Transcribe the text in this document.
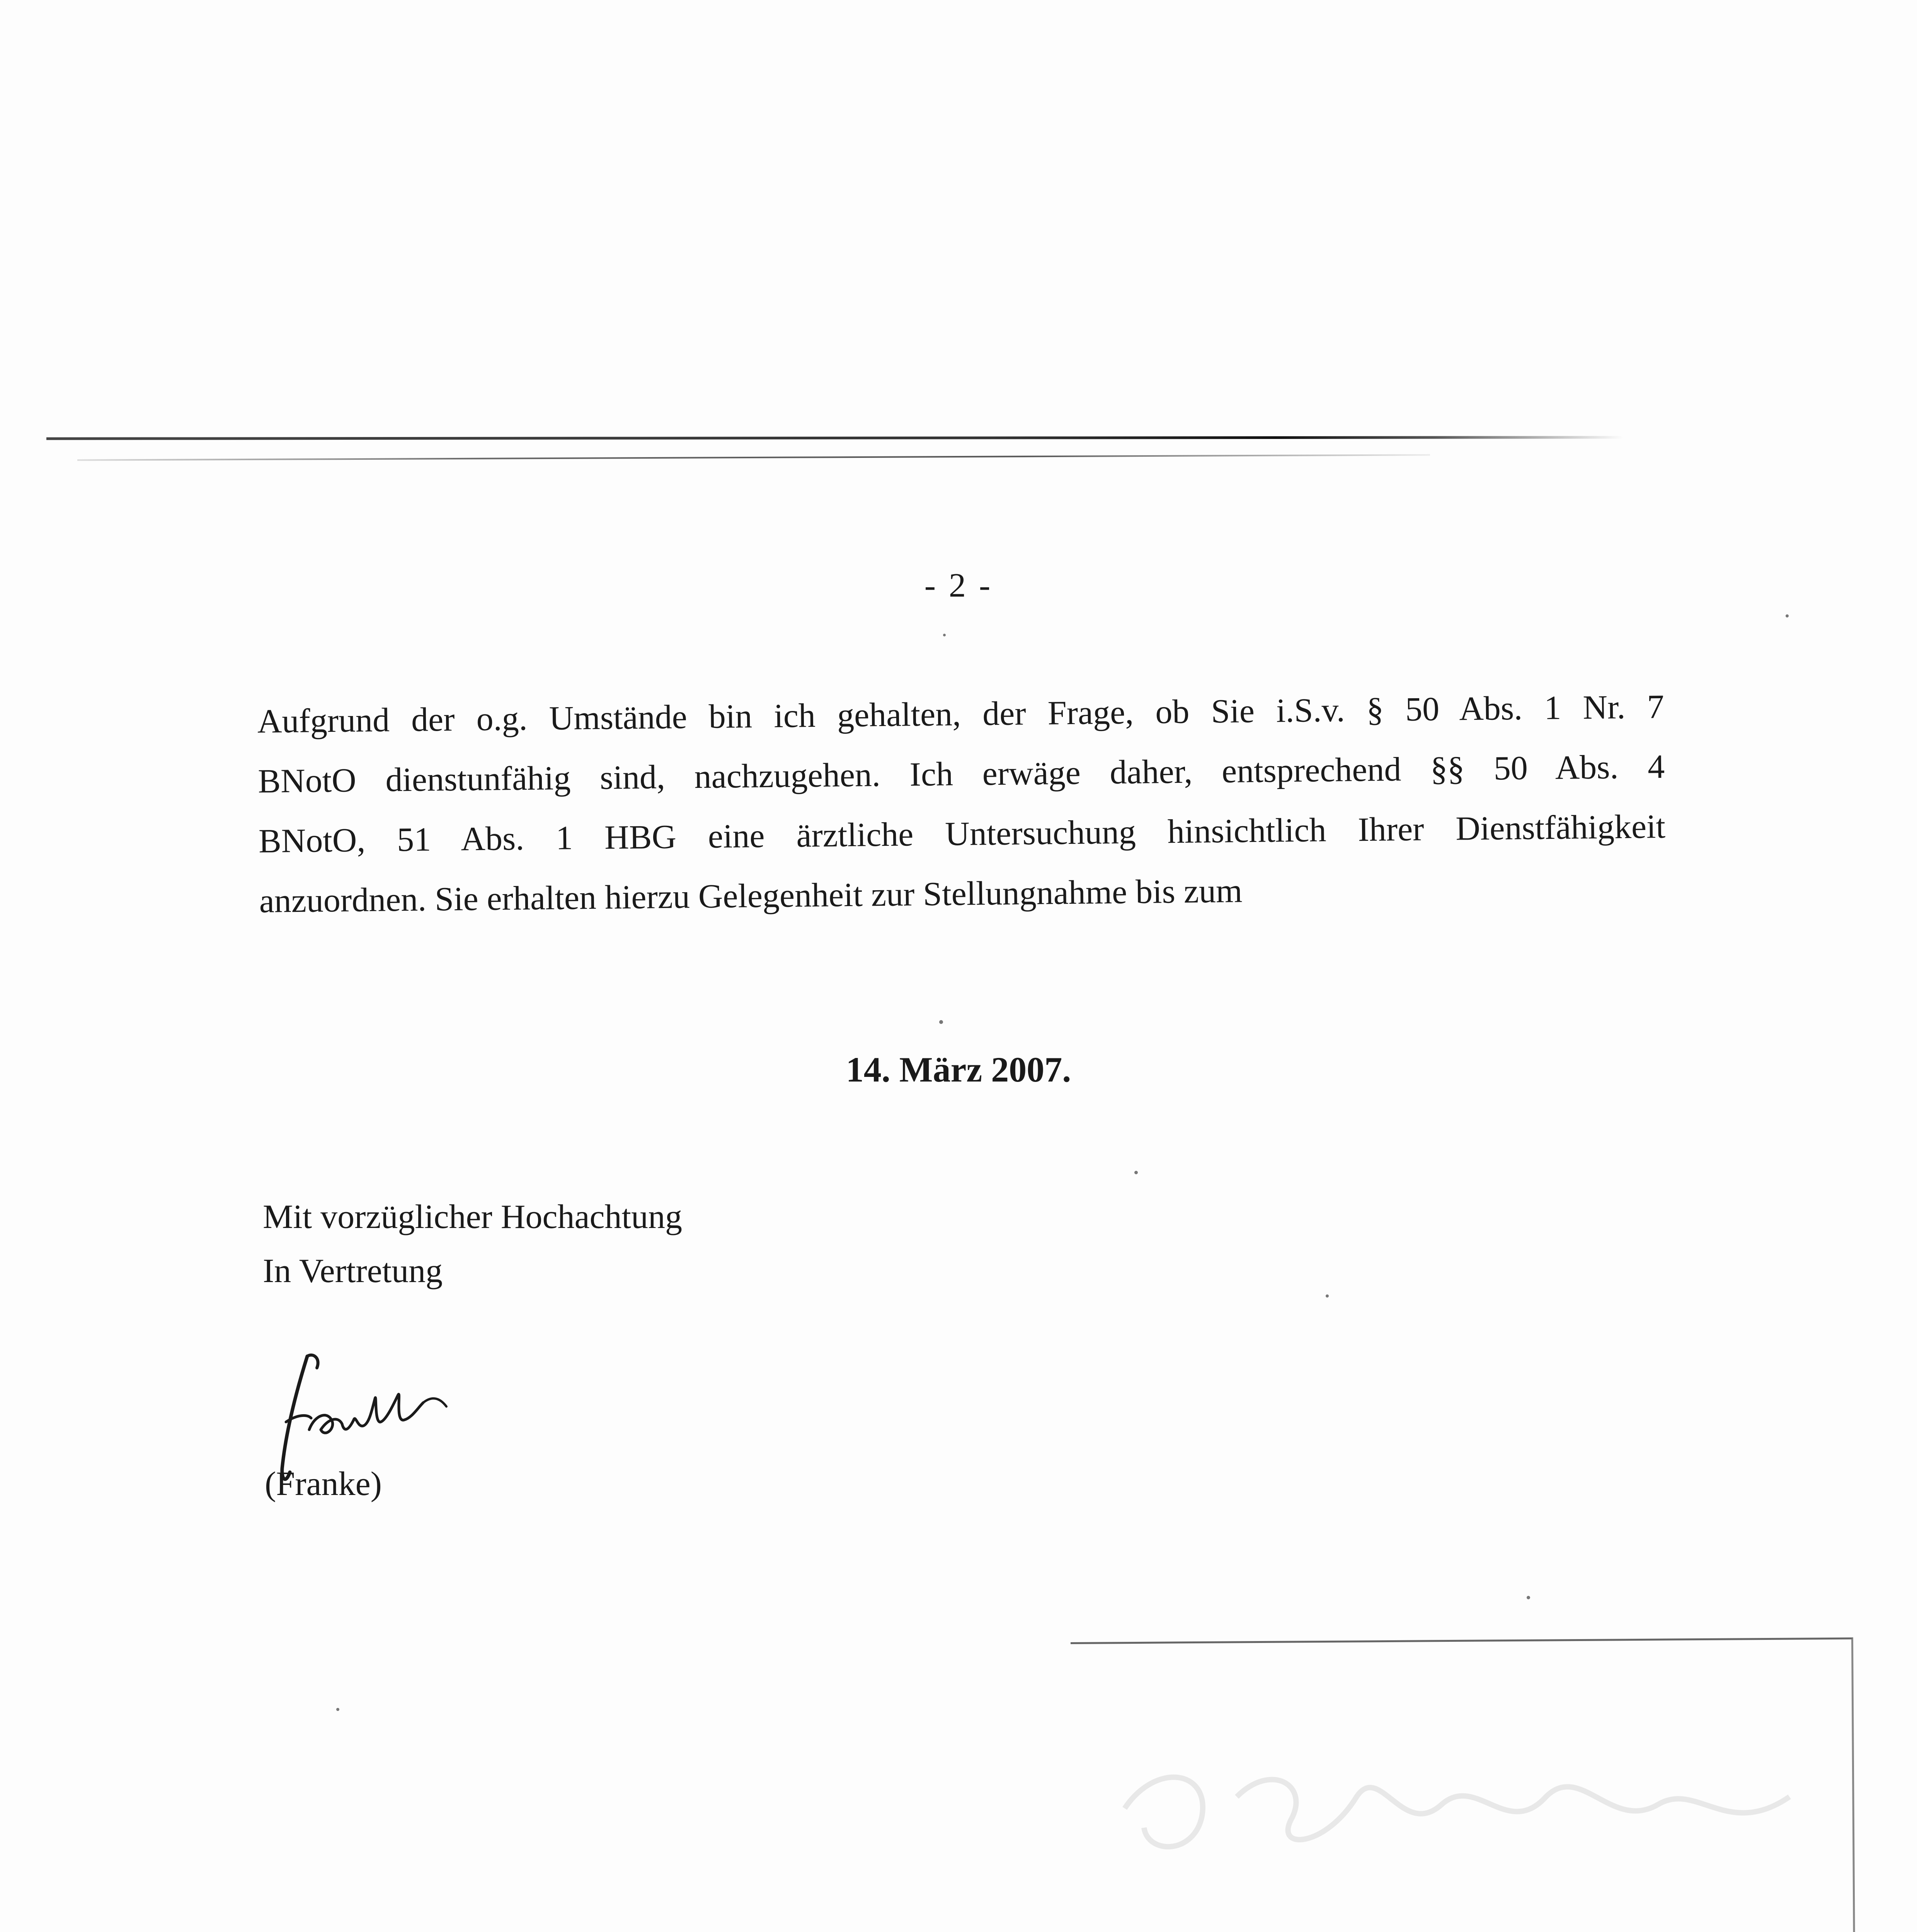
- 2 -
Aufgrund der o.g. Umstände bin ich gehalten, der Frage, ob Sie i.S.v. § 50 Abs. 1 Nr. 7
BNotO dienstunfähig sind, nachzugehen. Ich erwäge daher, entsprechend §§ 50 Abs. 4
BNotO, 51 Abs. 1 HBG eine ärztliche Untersuchung hinsichtlich Ihrer Dienstfähigkeit
anzuordnen. Sie erhalten hierzu Gelegenheit zur Stellungnahme bis zum
14. März 2007.
Mit vorzüglicher Hochachtung
In Vertretung
(Franke)
